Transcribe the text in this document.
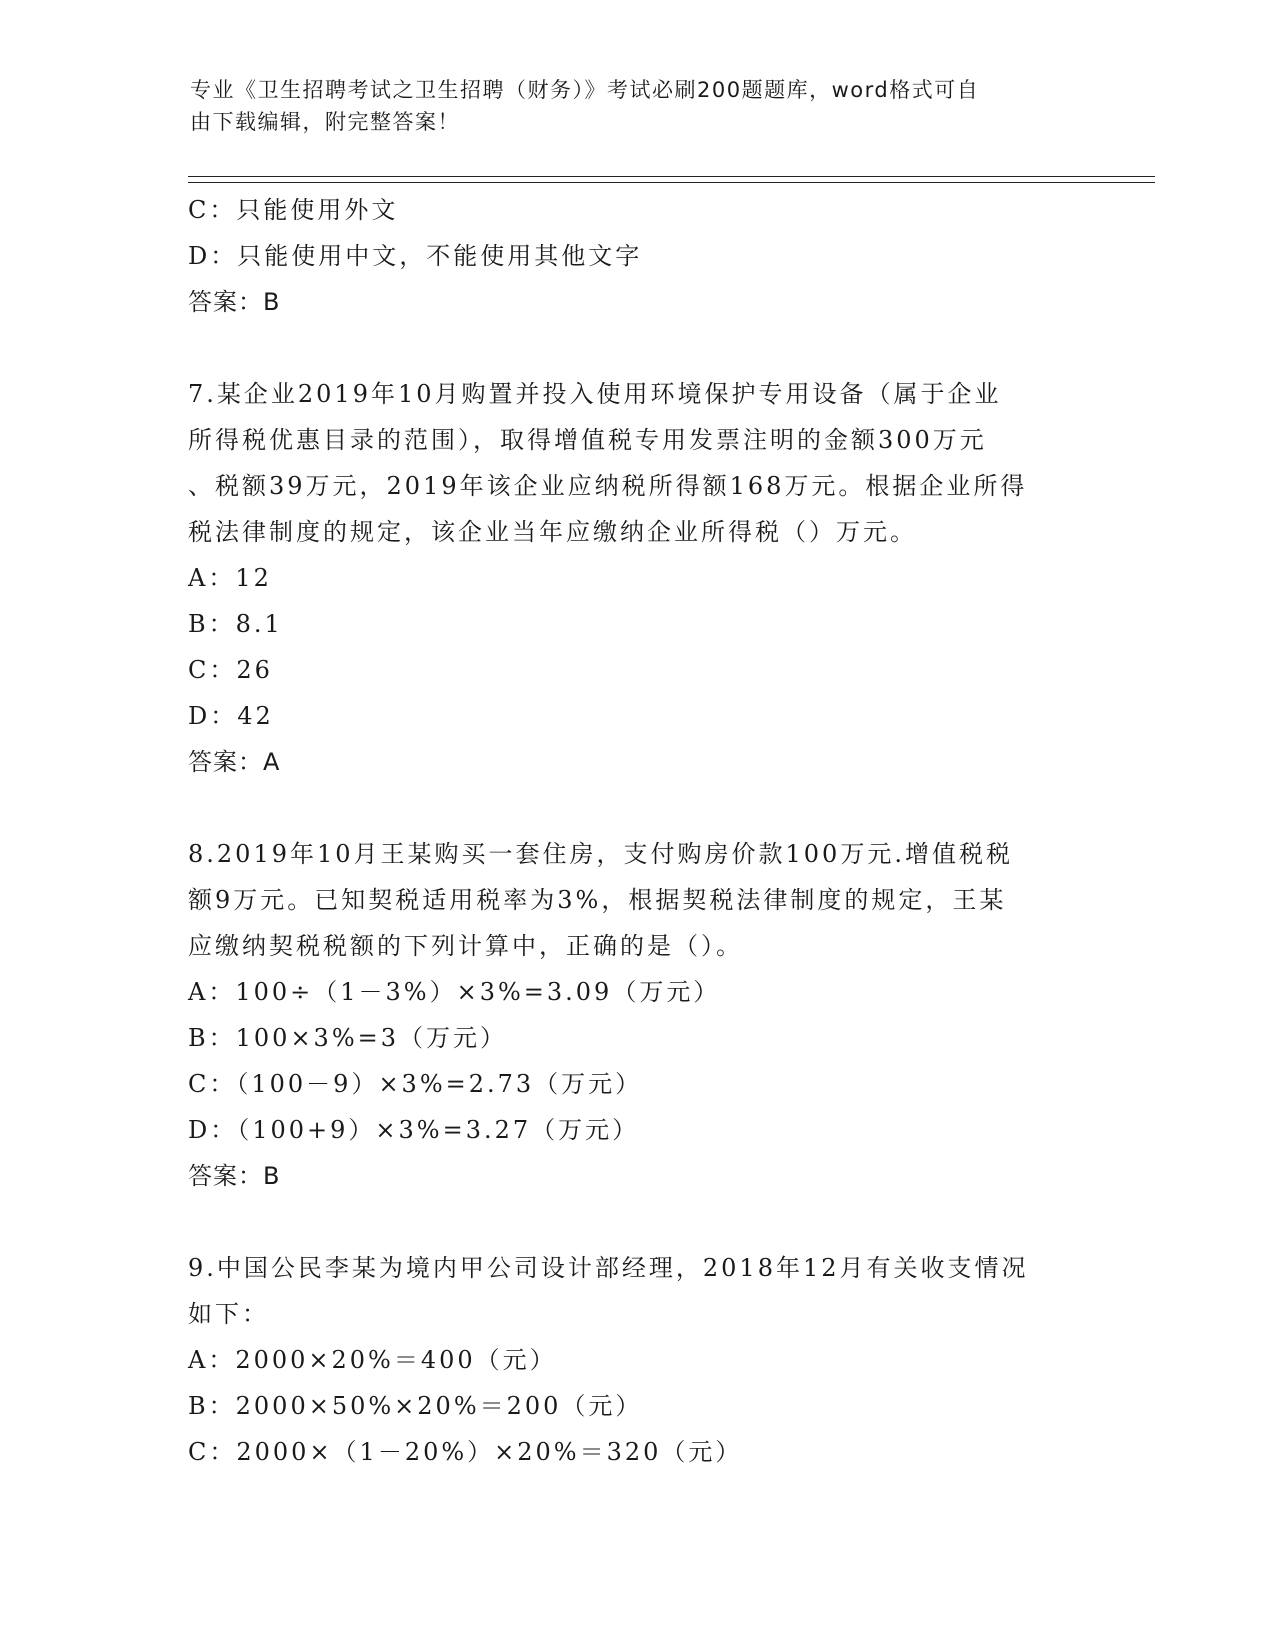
专业《卫生招聘考试之卫生招聘（财务）》考试必刷200题题库，word格式可自
由下载编辑，附完整答案！

C：只能使用外文

D：只能使用中文，不能使用其他文字

答案：B

7.某企业2019年10月购置并投入使用环境保护专用设备（属于企业

所得税优惠目录的范围），取得增值税专用发票注明的金额300万元

、税额39万元，2019年该企业应纳税所得额168万元。根据企业所得

税法律制度的规定，该企业当年应缴纳企业所得税（）万元。

A：12

B：8.1

C：26

D：42

答案：A

8.2019年10月王某购买一套住房，支付购房价款100万元.增值税税

额9万元。已知契税适用税率为3%，根据契税法律制度的规定，王某

应缴纳契税税额的下列计算中，正确的是（）。

A：100÷（1－3%）×3%=3.09（万元）

B：100×3%=3（万元）

C：（100－9）×3%=2.73（万元）

D：（100+9）×3%=3.27（万元）

答案：B

9.中国公民李某为境内甲公司设计部经理，2018年12月有关收支情况

如下：

A：2000×20%＝400（元）

B：2000×50%×20%＝200（元）

C：2000×（1－20%）×20%＝320（元）
